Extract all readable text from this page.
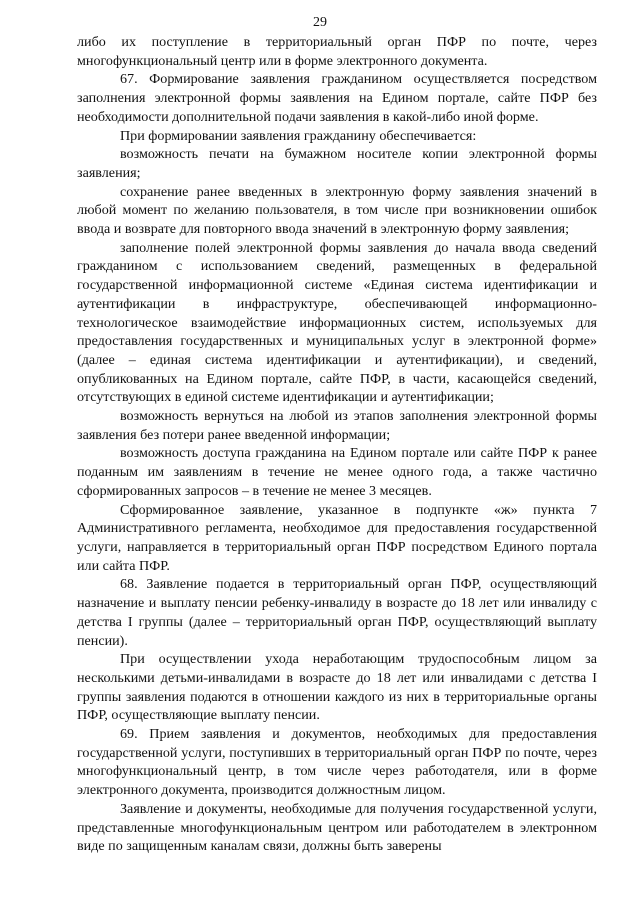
29

либо их поступление в территориальный орган ПФР по почте, через многофункциональный центр или в форме электронного документа.

67. Формирование заявления гражданином осуществляется посредством заполнения электронной формы заявления на Едином портале, сайте ПФР без необходимости дополнительной подачи заявления в какой-либо иной форме.

При формировании заявления гражданину обеспечивается:

возможность печати на бумажном носителе копии электронной формы заявления;

сохранение ранее введенных в электронную форму заявления значений в любой момент по желанию пользователя, в том числе при возникновении ошибок ввода и возврате для повторного ввода значений в электронную форму заявления;

заполнение полей электронной формы заявления до начала ввода сведений гражданином с использованием сведений, размещенных в федеральной государственной информационной системе «Единая система идентификации и аутентификации в инфраструктуре, обеспечивающей информационно-технологическое взаимодействие информационных систем, используемых для предоставления государственных и муниципальных услуг в электронной форме» (далее – единая система идентификации и аутентификации), и сведений, опубликованных на Едином портале, сайте ПФР, в части, касающейся сведений, отсутствующих в единой системе идентификации и аутентификации;

возможность вернуться на любой из этапов заполнения электронной формы заявления без потери ранее введенной информации;

возможность доступа гражданина на Едином портале или сайте ПФР к ранее поданным им заявлениям в течение не менее одного года, а также частично сформированных запросов – в течение не менее 3 месяцев.

Сформированное заявление, указанное в подпункте «ж» пункта 7 Административного регламента, необходимое для предоставления государственной услуги, направляется в территориальный орган ПФР посредством Единого портала или сайта ПФР.

68. Заявление подается в территориальный орган ПФР, осуществляющий назначение и выплату пенсии ребенку-инвалиду в возрасте до 18 лет или инвалиду с детства I группы (далее – территориальный орган ПФР, осуществляющий выплату пенсии).

При осуществлении ухода неработающим трудоспособным лицом за несколькими детьми-инвалидами в возрасте до 18 лет или инвалидами с детства I группы заявления подаются в отношении каждого из них в территориальные органы ПФР, осуществляющие выплату пенсии.

69. Прием заявления и документов, необходимых для предоставления государственной услуги, поступивших в территориальный орган ПФР по почте, через многофункциональный центр, в том числе через работодателя, или в форме электронного документа, производится должностным лицом.

Заявление и документы, необходимые для получения государственной услуги, представленные многофункциональным центром или работодателем в электронном виде по защищенным каналам связи, должны быть заверены
